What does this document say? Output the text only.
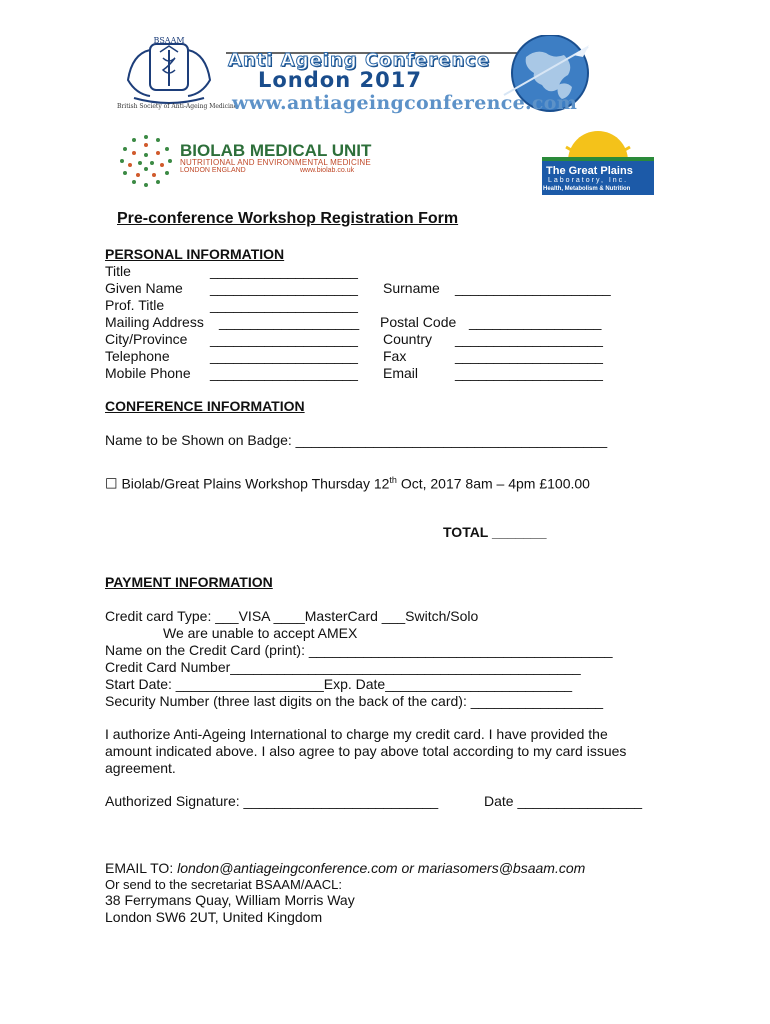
BSAAM
British Society of Anti-Ageing Medicine
Anti Ageing Conference
London 2017
www.antiageingconference.com
BIOLAB MEDICAL UNIT
NUTRITIONAL AND ENVIRONMENTAL MEDICINE
LONDON ENGLAND	www.biolab.co.uk	The Great Plains
Laboratory, Inc.
Health, Metabolism & Nutrition
Pre-conference Workshop Registration Form
PERSONAL INFORMATION
Title	___________________
Given Name ___________________ Surname ____________________
Prof. Title	___________________
Mailing Address __________________ Postal Code _________________
City/Province ___________________ Country ___________________
Telephone	___________________ Fax	___________________
Mobile Phone ___________________ Email	___________________
CONFERENCE INFORMATION
Name to be Shown on Badge: ________________________________________
☐ Biolab/Great Plains Workshop Thursday 12th Oct, 2017 8am – 4pm £100.00
TOTAL _______
PAYMENT INFORMATION
Credit card Type: ___VISA ____MasterCard ___Switch/Solo
We are unable to accept AMEX
Name on the Credit Card (print): _______________________________________
Credit Card Number_____________________________________________
Start Date: ___________________Exp. Date________________________
Security Number (three last digits on the back of the card): _________________
I authorize Anti-Ageing International to charge my credit card. I have provided the
amount indicated above. I also agree to pay above total according to my card issues
agreement.
Authorized Signature: _________________________	Date ________________
EMAIL TO: london@antiageingconference.com or mariasomers@bsaam.com
Or send to the secretariat BSAAM/AACL:
38 Ferrymans Quay, William Morris Way
London SW6 2UT, United Kingdom
